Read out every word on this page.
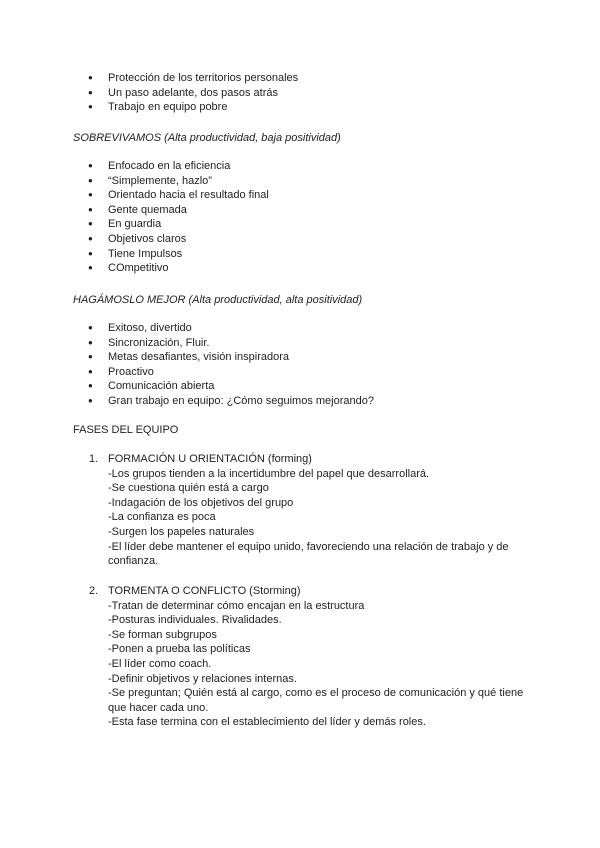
● Protección de los territorios personales
● Un paso adelante, dos pasos atrás
● Trabajo en equipo pobre
SOBREVIVAMOS (Alta productividad, baja positividad)
● Enfocado en la eficiencia
● “Simplemente, hazlo”
● Orientado hacia el resultado final
● Gente quemada
● En guardia
● Objetivos claros
● Tiene Impulsos
● COmpetitivo
HAGÁMOSLO MEJOR (Alta productividad, alta positividad)
● Exitoso, divertido
● Sincronización, Fluir.
● Metas desafiantes, visión inspiradora
● Proactivo
● Comunicación abierta
● Gran trabajo en equipo: ¿Cómo seguimos mejorando?
FASES DEL EQUIPO
1. FORMACIÓN U ORIENTACIÓN (forming)
-Los grupos tienden a la incertidumbre del papel que desarrollará.
-Se cuestiona quién está a cargo
-Indagación de los objetivos del grupo
-La confianza es poca
-Surgen los papeles naturales
-El líder debe mantener el equipo unido, favoreciendo una relación de trabajo y de confianza.
2. TORMENTA O CONFLICTO (Storming)
-Tratan de determinar cómo encajan en la estructura
-Posturas individuales. Rivalidades.
-Se forman subgrupos
-Ponen a prueba las políticas
-El líder como coach.
-Definir objetivos y relaciones internas.
-Se preguntan; Quién está al cargo, como es el proceso de comunicación y qué tiene que hacer cada uno.
-Esta fase termina con el establecimiento del líder y demás roles.
